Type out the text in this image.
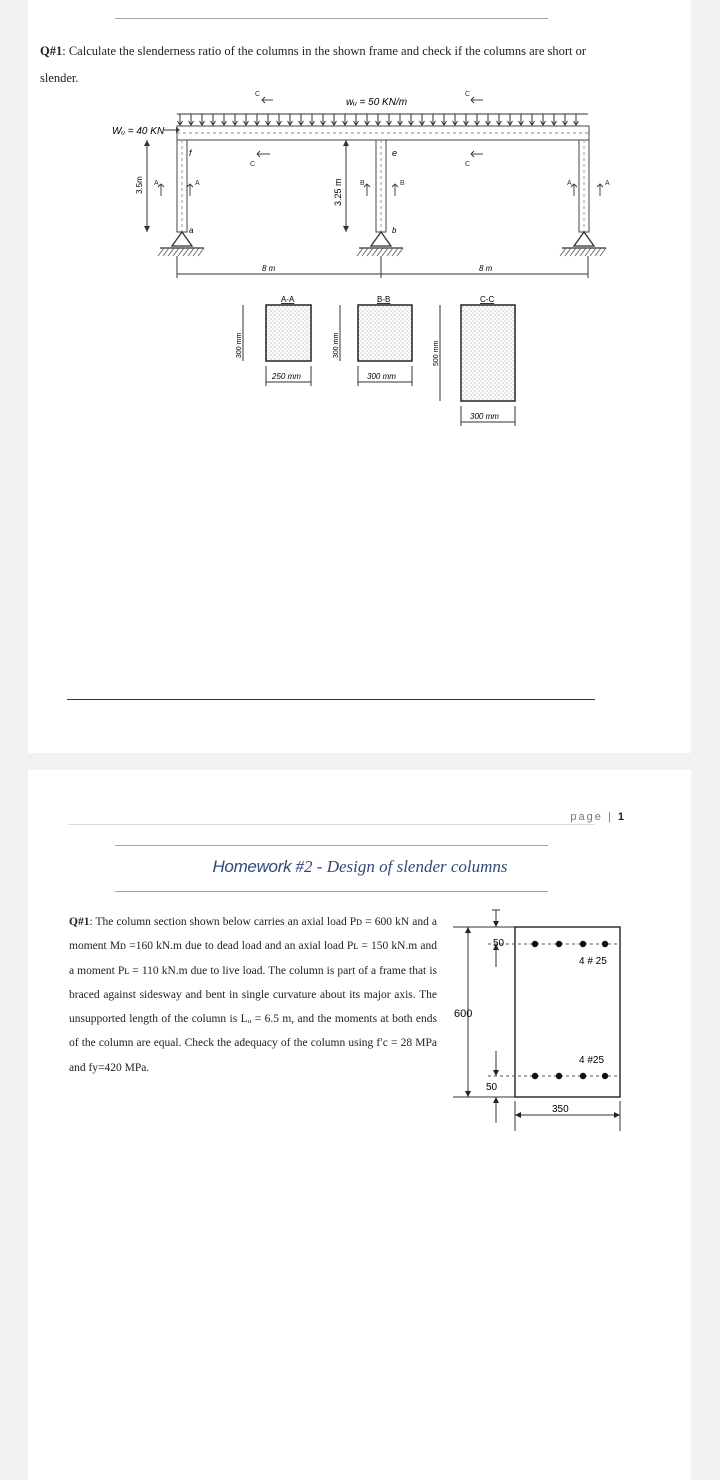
Q#1: Calculate the slenderness ratio of the columns in the shown frame and check if the columns are short or slender.
wᵤ = 50 KN/m
Wᵤ = 40 KN
f	e
a	b
3.5m	3.25 m
8 m	8 m
C
C
C
C
A	A	B	B	A	A
A-A
300 mm
250 mm
B-B
300 mm
300 mm
C-C
500 mm
300 mm
page | 1
Homework #2 - Design of slender columns
Q#1: The column section shown below carries an axial load Pᴅ = 600 kN and a moment Mᴅ =160 kN.m due to dead load and an axial load Pʟ = 150 kN.m and a moment Pʟ = 110 kN.m due to live load. The column is part of a frame that is braced against sidesway and bent in single curvature about its major axis. The unsupported length of the column is Lᵤ = 6.5 m, and the moments at both ends of the column are equal. Check the adequacy of the column using f′c = 28 MPa and fy=420 MPa.
4 # 25
4 #25
600
50
50
350
